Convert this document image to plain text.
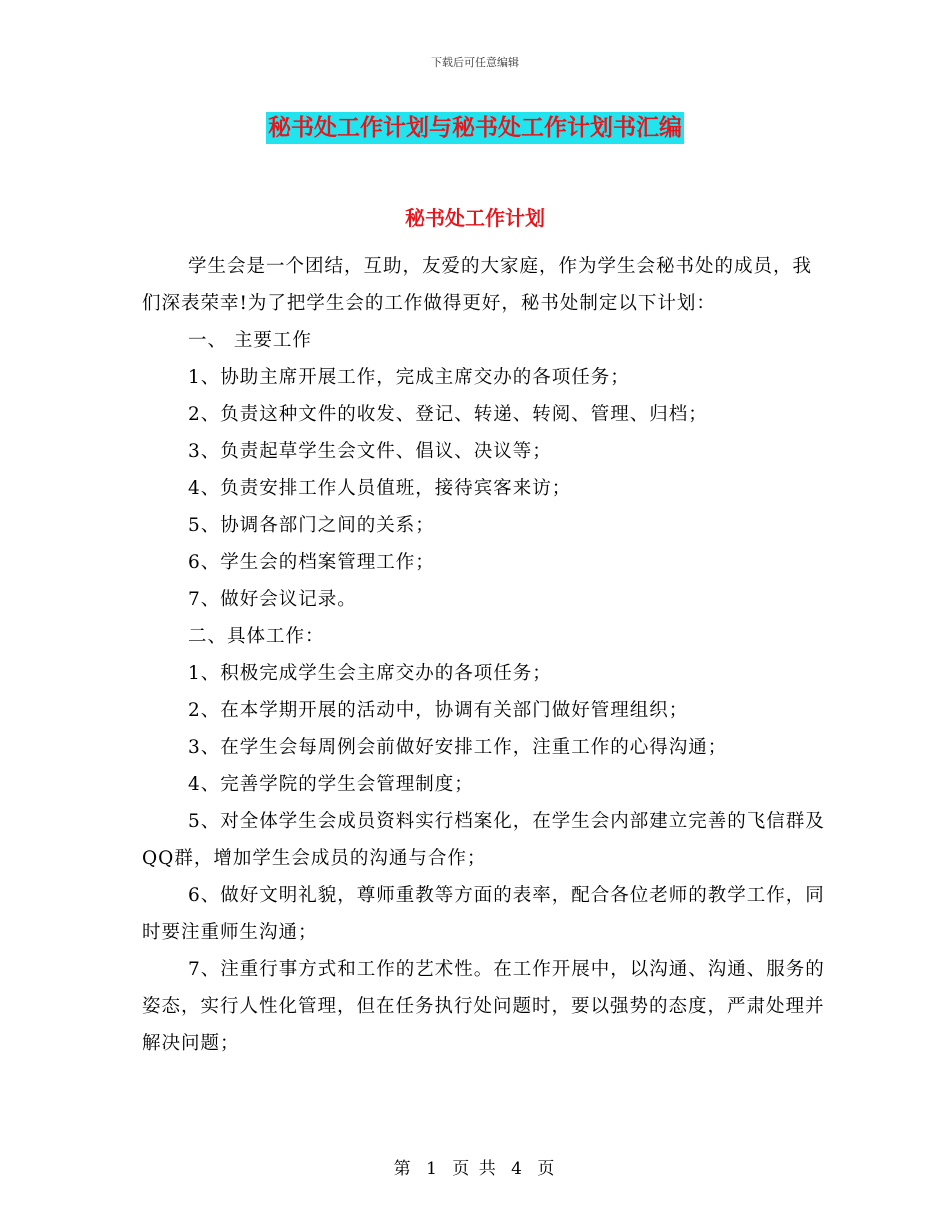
下载后可任意编辑
秘书处工作计划与秘书处工作计划书汇编
秘书处工作计划

学生会是一个团结，互助，友爱的大家庭，作为学生会秘书处的成员，我们深表荣幸!为了把学生会的工作做得更好，秘书处制定以下计划：

一、 主要工作

1、协助主席开展工作，完成主席交办的各项任务；

2、负责这种文件的收发、登记、转递、转阅、管理、归档；

3、负责起草学生会文件、倡议、决议等；

4、负责安排工作人员值班，接待宾客来访；

5、协调各部门之间的关系；

6、学生会的档案管理工作；

7、做好会议记录。

二、具体工作：

1、积极完成学生会主席交办的各项任务；

2、在本学期开展的活动中，协调有关部门做好管理组织；

3、在学生会每周例会前做好安排工作，注重工作的心得沟通；

4、完善学院的学生会管理制度；

5、对全体学生会成员资料实行档案化，在学生会内部建立完善的飞信群及QQ群，增加学生会成员的沟通与合作；

6、做好文明礼貌，尊师重教等方面的表率，配合各位老师的教学工作，同时要注重师生沟通；

7、注重行事方式和工作的艺术性。在工作开展中，以沟通、沟通、服务的姿态，实行人性化管理，但在任务执行处问题时，要以强势的态度，严肃处理并解决问题；

第 1 页 共 4 页
